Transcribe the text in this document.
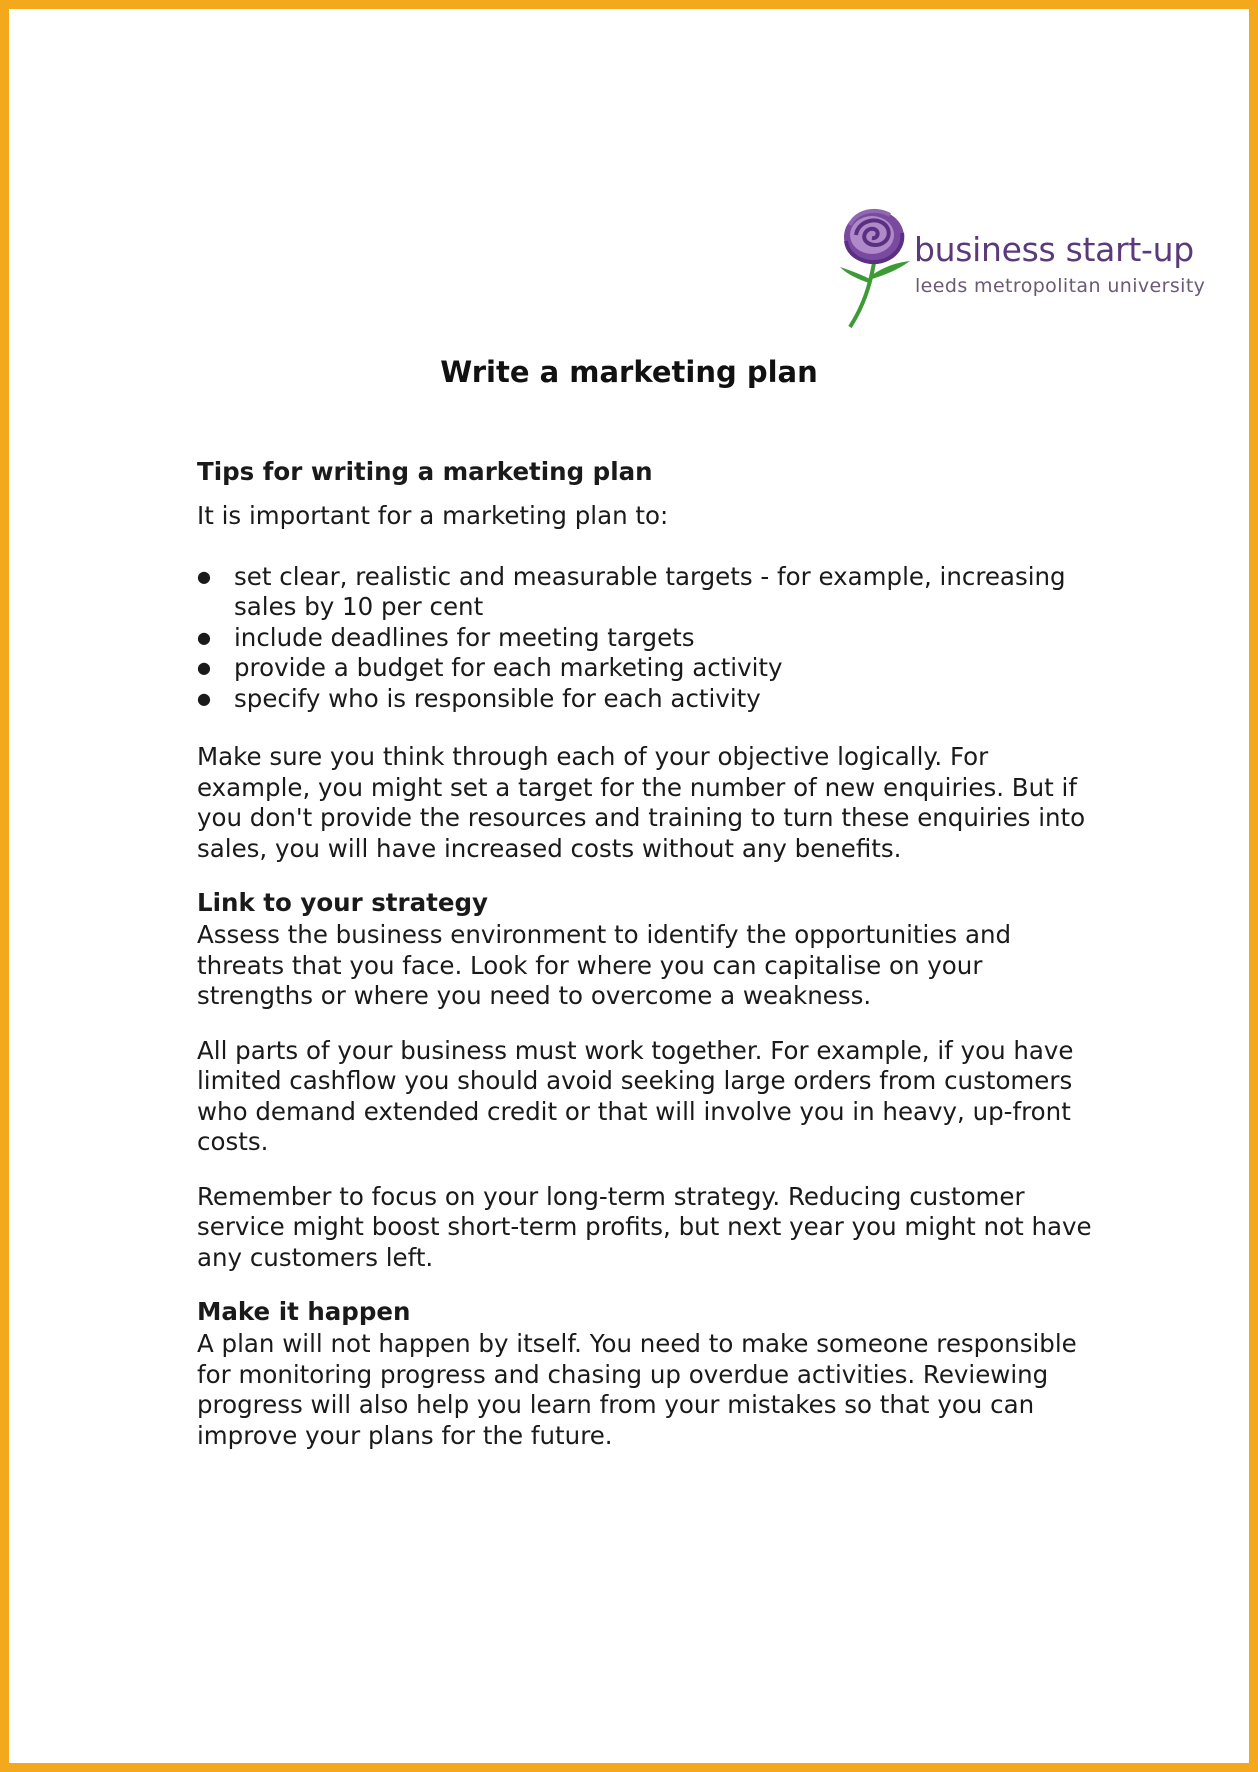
business start-up
leeds metropolitan university
Write a marketing plan
Tips for writing a marketing plan

It is important for a marketing plan to:

● set clear, realistic and measurable targets - for example, increasing sales by 10 per cent
● include deadlines for meeting targets
● provide a budget for each marketing activity
● specify who is responsible for each activity

Make sure you think through each of your objective logically. For example, you might set a target for the number of new enquiries. But if you don't provide the resources and training to turn these enquiries into sales, you will have increased costs without any benefits.

Link to your strategy

Assess the business environment to identify the opportunities and threats that you face. Look for where you can capitalise on your strengths or where you need to overcome a weakness.

All parts of your business must work together. For example, if you have limited cashflow you should avoid seeking large orders from customers who demand extended credit or that will involve you in heavy, up-front costs.

Remember to focus on your long-term strategy. Reducing customer service might boost short-term profits, but next year you might not have any customers left.

Make it happen

A plan will not happen by itself. You need to make someone responsible for monitoring progress and chasing up overdue activities. Reviewing progress will also help you learn from your mistakes so that you can improve your plans for the future.
